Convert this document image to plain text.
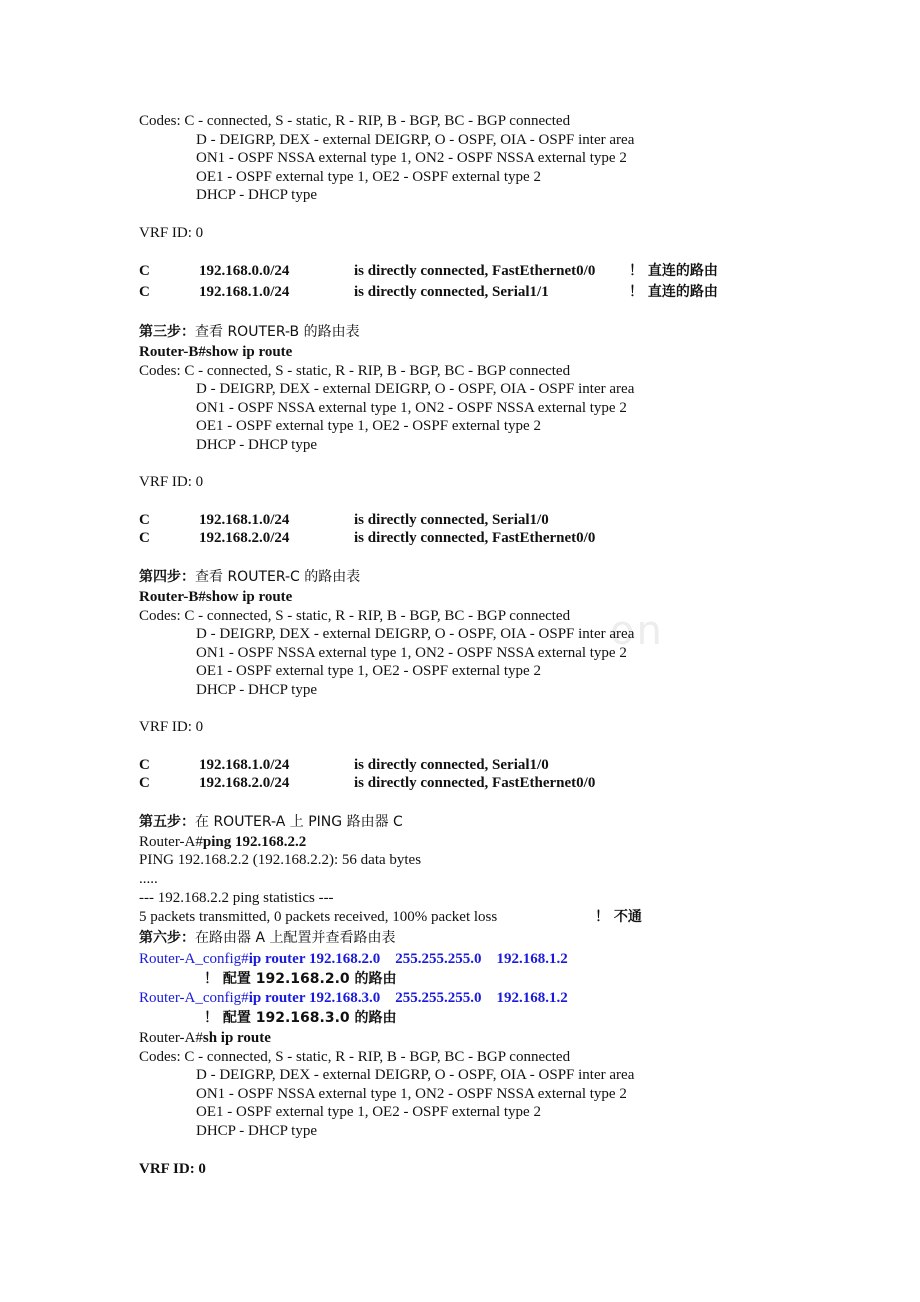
on
Codes: C - connected, S - static, R - RIP, B - BGP, BC - BGP connected
D - DEIGRP, DEX - external DEIGRP, O - OSPF, OIA - OSPF inter area
ON1 - OSPF NSSA external type 1, ON2 - OSPF NSSA external type 2
OE1 - OSPF external type 1, OE2 - OSPF external type 2
DHCP - DHCP type
VRF ID: 0
C	192.168.0.0/24	is directly connected, FastEthernet0/0 ！ 直连的路由
C	192.168.1.0/24	is directly connected, Serial1/1	！ 直连的路由
第三步：查看 ROUTER-B 的路由表
Router-B#show ip route
Codes: C - connected, S - static, R - RIP, B - BGP, BC - BGP connected
D - DEIGRP, DEX - external DEIGRP, O - OSPF, OIA - OSPF inter area
ON1 - OSPF NSSA external type 1, ON2 - OSPF NSSA external type 2
OE1 - OSPF external type 1, OE2 - OSPF external type 2
DHCP - DHCP type
VRF ID: 0
C	192.168.1.0/24	is directly connected, Serial1/0
C	192.168.2.0/24	is directly connected, FastEthernet0/0
第四步：查看 ROUTER-C 的路由表
Router-B#show ip route
Codes: C - connected, S - static, R - RIP, B - BGP, BC - BGP connected
D - DEIGRP, DEX - external DEIGRP, O - OSPF, OIA - OSPF inter area
ON1 - OSPF NSSA external type 1, ON2 - OSPF NSSA external type 2
OE1 - OSPF external type 1, OE2 - OSPF external type 2
DHCP - DHCP type
VRF ID: 0
C	192.168.1.0/24	is directly connected, Serial1/0
C	192.168.2.0/24	is directly connected, FastEthernet0/0
第五步：在 ROUTER-A 上 PING 路由器 C
Router-A#ping 192.168.2.2
PING 192.168.2.2 (192.168.2.2): 56 data bytes
.....
--- 192.168.2.2 ping statistics ---
5 packets transmitted, 0 packets received, 100% packet loss	！ 不通
第六步：在路由器 A 上配置并查看路由表
Router-A_config#ip router 192.168.2.0    255.255.255.0    192.168.1.2
！ 配置 192.168.2.0 的路由
Router-A_config#ip router 192.168.3.0    255.255.255.0    192.168.1.2
！ 配置 192.168.3.0 的路由
Router-A#sh ip route
Codes: C - connected, S - static, R - RIP, B - BGP, BC - BGP connected
D - DEIGRP, DEX - external DEIGRP, O - OSPF, OIA - OSPF inter area
ON1 - OSPF NSSA external type 1, ON2 - OSPF NSSA external type 2
OE1 - OSPF external type 1, OE2 - OSPF external type 2
DHCP - DHCP type
VRF ID: 0
